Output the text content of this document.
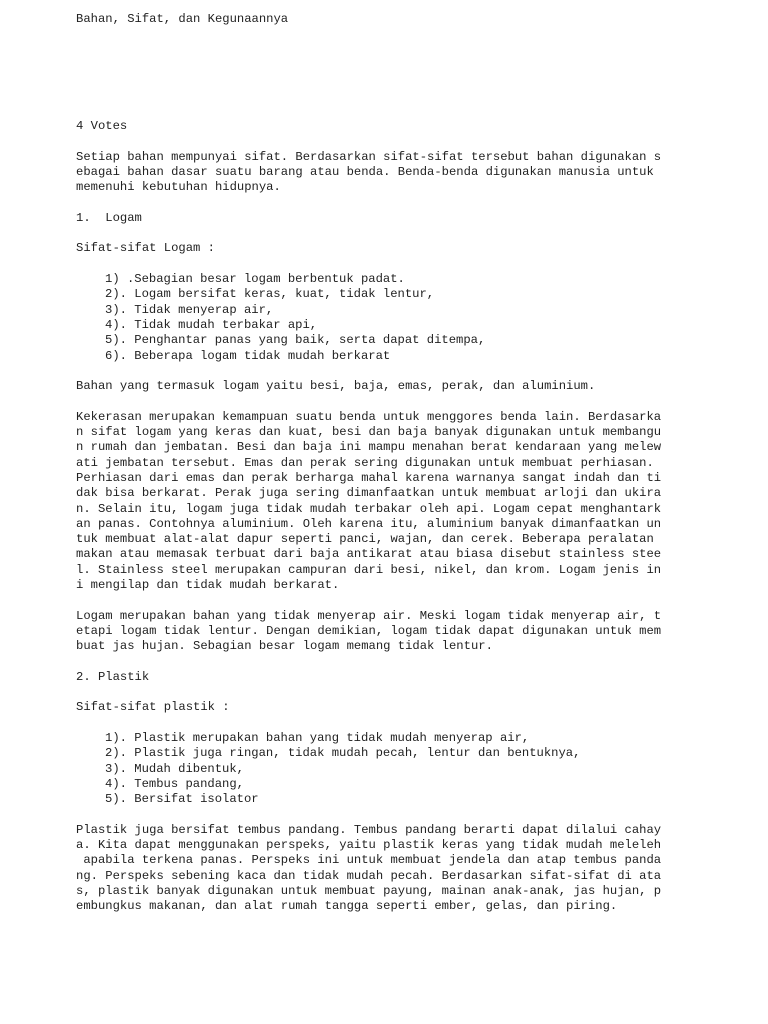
Bahan, Sifat, dan Kegunaannya
4 Votes
Setiap bahan mempunyai sifat. Berdasarkan sifat-sifat tersebut bahan digunakan s
ebagai bahan dasar suatu barang atau benda. Benda-benda digunakan manusia untuk
memenuhi kebutuhan hidupnya.
1.  Logam
Sifat-sifat Logam :
1) .Sebagian besar logam berbentuk padat.
2). Logam bersifat keras, kuat, tidak lentur,
3). Tidak menyerap air,
4). Tidak mudah terbakar api,
5). Penghantar panas yang baik, serta dapat ditempa,
6). Beberapa logam tidak mudah berkarat
Bahan yang termasuk logam yaitu besi, baja, emas, perak, dan aluminium.
Kekerasan merupakan kemampuan suatu benda untuk menggores benda lain. Berdasarka
n sifat logam yang keras dan kuat, besi dan baja banyak digunakan untuk membangu
n rumah dan jembatan. Besi dan baja ini mampu menahan berat kendaraan yang melew
ati jembatan tersebut. Emas dan perak sering digunakan untuk membuat perhiasan.
Perhiasan dari emas dan perak berharga mahal karena warnanya sangat indah dan ti
dak bisa berkarat. Perak juga sering dimanfaatkan untuk membuat arloji dan ukira
n. Selain itu, logam juga tidak mudah terbakar oleh api. Logam cepat menghantark
an panas. Contohnya aluminium. Oleh karena itu, aluminium banyak dimanfaatkan un
tuk membuat alat-alat dapur seperti panci, wajan, dan cerek. Beberapa peralatan
makan atau memasak terbuat dari baja antikarat atau biasa disebut stainless stee
l. Stainless steel merupakan campuran dari besi, nikel, dan krom. Logam jenis in
i mengilap dan tidak mudah berkarat.
Logam merupakan bahan yang tidak menyerap air. Meski logam tidak menyerap air, t
etapi logam tidak lentur. Dengan demikian, logam tidak dapat digunakan untuk mem
buat jas hujan. Sebagian besar logam memang tidak lentur.
2. Plastik
Sifat-sifat plastik :
1). Plastik merupakan bahan yang tidak mudah menyerap air,
2). Plastik juga ringan, tidak mudah pecah, lentur dan bentuknya,
3). Mudah dibentuk,
4). Tembus pandang,
5). Bersifat isolator
Plastik juga bersifat tembus pandang. Tembus pandang berarti dapat dilalui cahay
a. Kita dapat menggunakan perspeks, yaitu plastik keras yang tidak mudah meleleh
apabila terkena panas. Perspeks ini untuk membuat jendela dan atap tembus panda
ng. Perspeks sebening kaca dan tidak mudah pecah. Berdasarkan sifat-sifat di ata
s, plastik banyak digunakan untuk membuat payung, mainan anak-anak, jas hujan, p
embungkus makanan, dan alat rumah tangga seperti ember, gelas, dan piring.
